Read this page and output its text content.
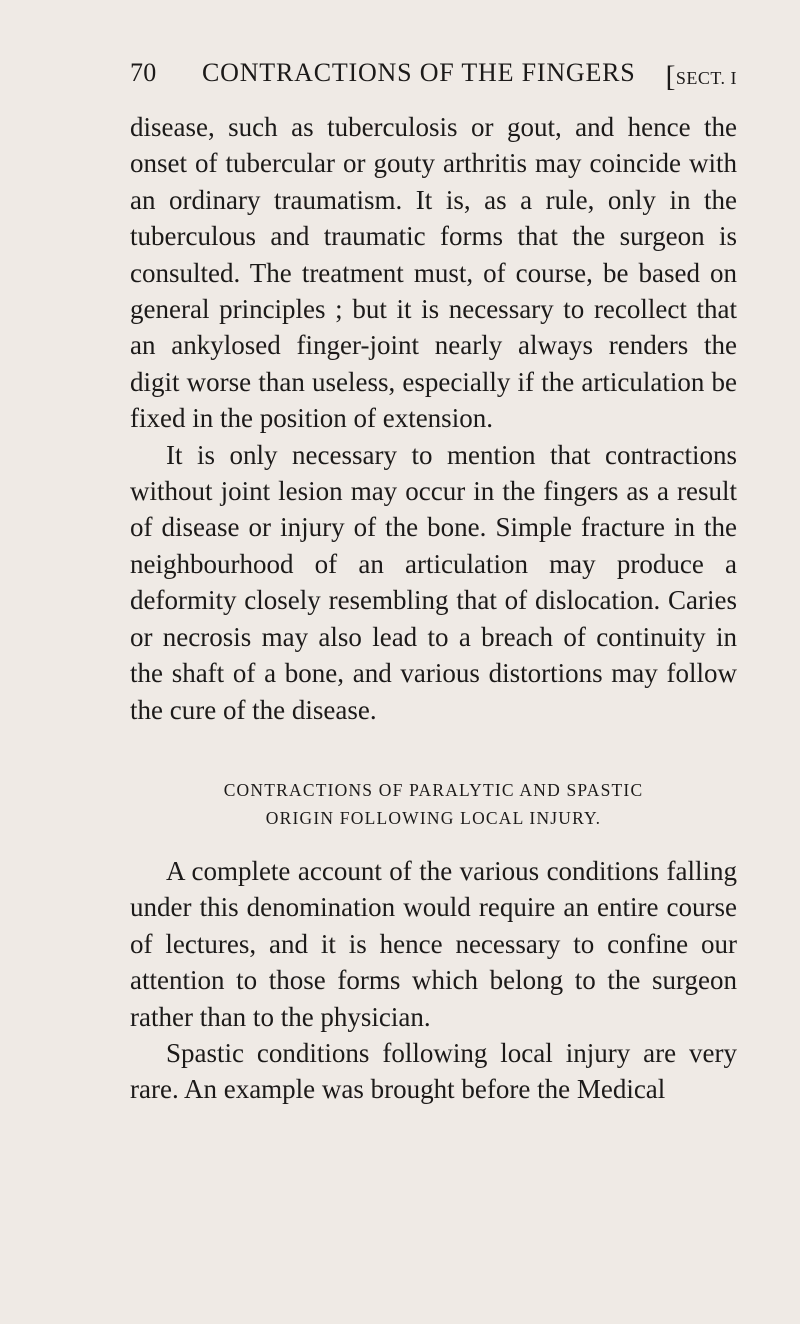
70 CONTRACTIONS OF THE FINGERS [SECT. I

disease, such as tuberculosis or gout, and hence the onset of tubercular or gouty arthritis may coincide with an ordinary traumatism. It is, as a rule, only in the tuberculous and traumatic forms that the surgeon is consulted. The treatment must, of course, be based on general principles ; but it is necessary to recollect that an ankylosed finger-joint nearly always renders the digit worse than useless, especially if the articulation be fixed in the position of extension.

It is only necessary to mention that contractions without joint lesion may occur in the fingers as a result of disease or injury of the bone. Simple fracture in the neighbourhood of an articulation may produce a deformity closely resembling that of dislocation. Caries or necrosis may also lead to a breach of continuity in the shaft of a bone, and various distortions may follow the cure of the disease.

CONTRACTIONS OF PARALYTIC AND SPASTIC
ORIGIN FOLLOWING LOCAL INJURY.

A complete account of the various conditions falling under this denomination would require an entire course of lectures, and it is hence necessary to confine our attention to those forms which belong to the surgeon rather than to the physician.

Spastic conditions following local injury are very rare. An example was brought before the Medical
